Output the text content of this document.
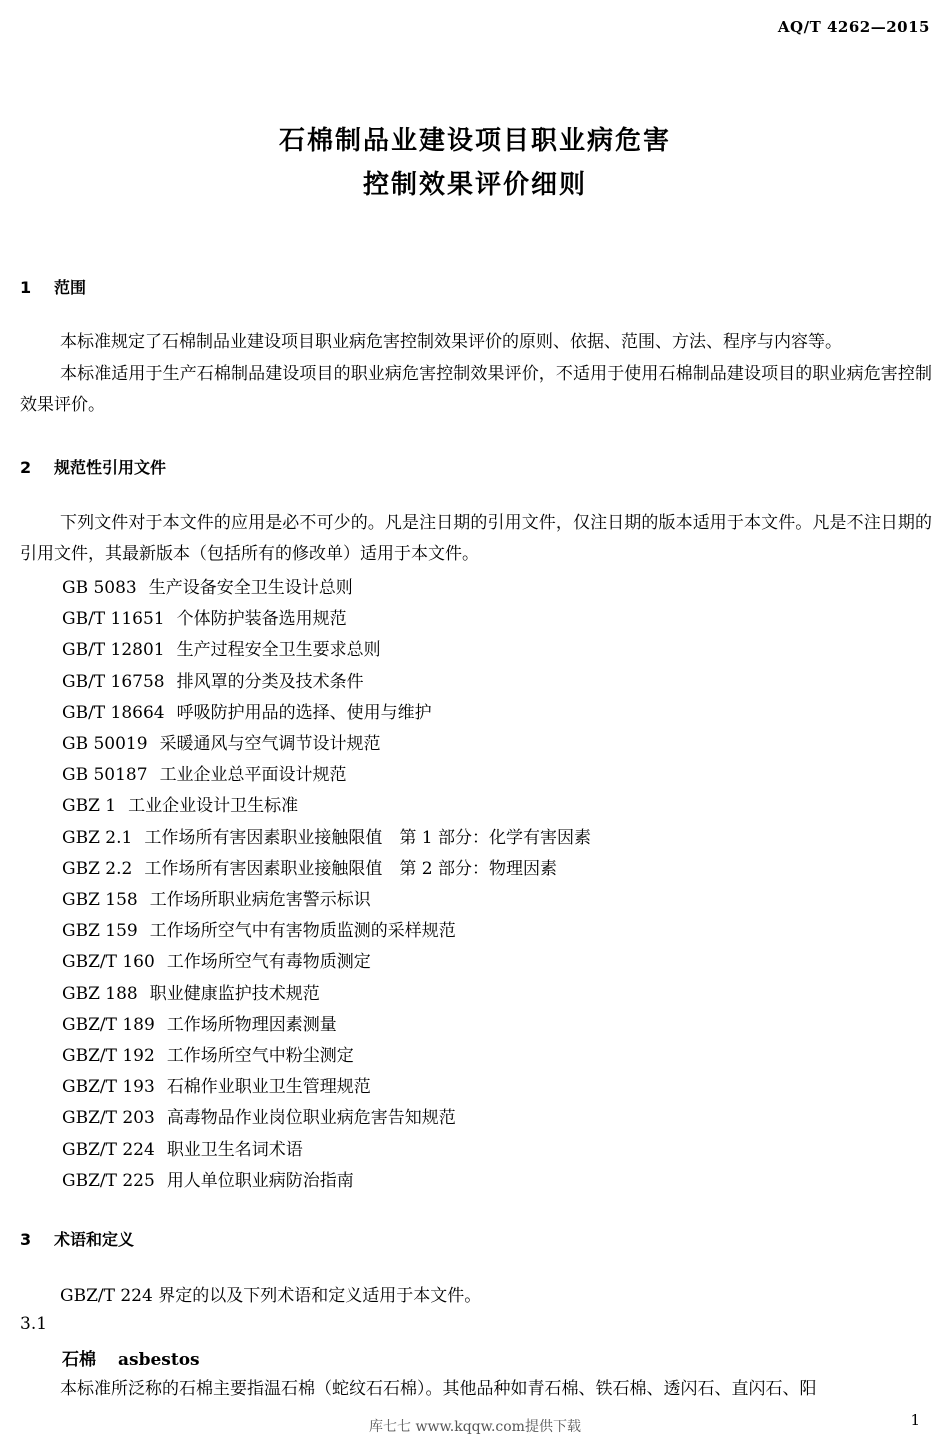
AQ/T 4262—2015
石棉制品业建设项目职业病危害
控制效果评价细则
1 范围
本标准规定了石棉制品业建设项目职业病危害控制效果评价的原则、依据、范围、方法、程序与内容等。
本标准适用于生产石棉制品建设项目的职业病危害控制效果评价，不适用于使用石棉制品建设项目的职业病危害控制效果评价。
2 规范性引用文件
下列文件对于本文件的应用是必不可少的。凡是注日期的引用文件，仅注日期的版本适用于本文件。凡是不注日期的引用文件，其最新版本（包括所有的修改单）适用于本文件。
GB 5083 生产设备安全卫生设计总则
GB/T 11651 个体防护装备选用规范
GB/T 12801 生产过程安全卫生要求总则
GB/T 16758 排风罩的分类及技术条件
GB/T 18664 呼吸防护用品的选择、使用与维护
GB 50019 采暖通风与空气调节设计规范
GB 50187 工业企业总平面设计规范
GBZ 1 工业企业设计卫生标准
GBZ 2.1 工作场所有害因素职业接触限值　第 1 部分：化学有害因素
GBZ 2.2 工作场所有害因素职业接触限值　第 2 部分：物理因素
GBZ 158 工作场所职业病危害警示标识
GBZ 159 工作场所空气中有害物质监测的采样规范
GBZ/T 160 工作场所空气有毒物质测定
GBZ 188 职业健康监护技术规范
GBZ/T 189 工作场所物理因素测量
GBZ/T 192 工作场所空气中粉尘测定
GBZ/T 193 石棉作业职业卫生管理规范
GBZ/T 203 高毒物品作业岗位职业病危害告知规范
GBZ/T 224 职业卫生名词术语
GBZ/T 225 用人单位职业病防治指南
3 术语和定义
GBZ/T 224 界定的以及下列术语和定义适用于本文件。
3.1
石棉 asbestos
本标准所泛称的石棉主要指温石棉（蛇纹石石棉）。其他品种如青石棉、铁石棉、透闪石、直闪石、阳
库七七 www.kqqw.com提供下载	1
